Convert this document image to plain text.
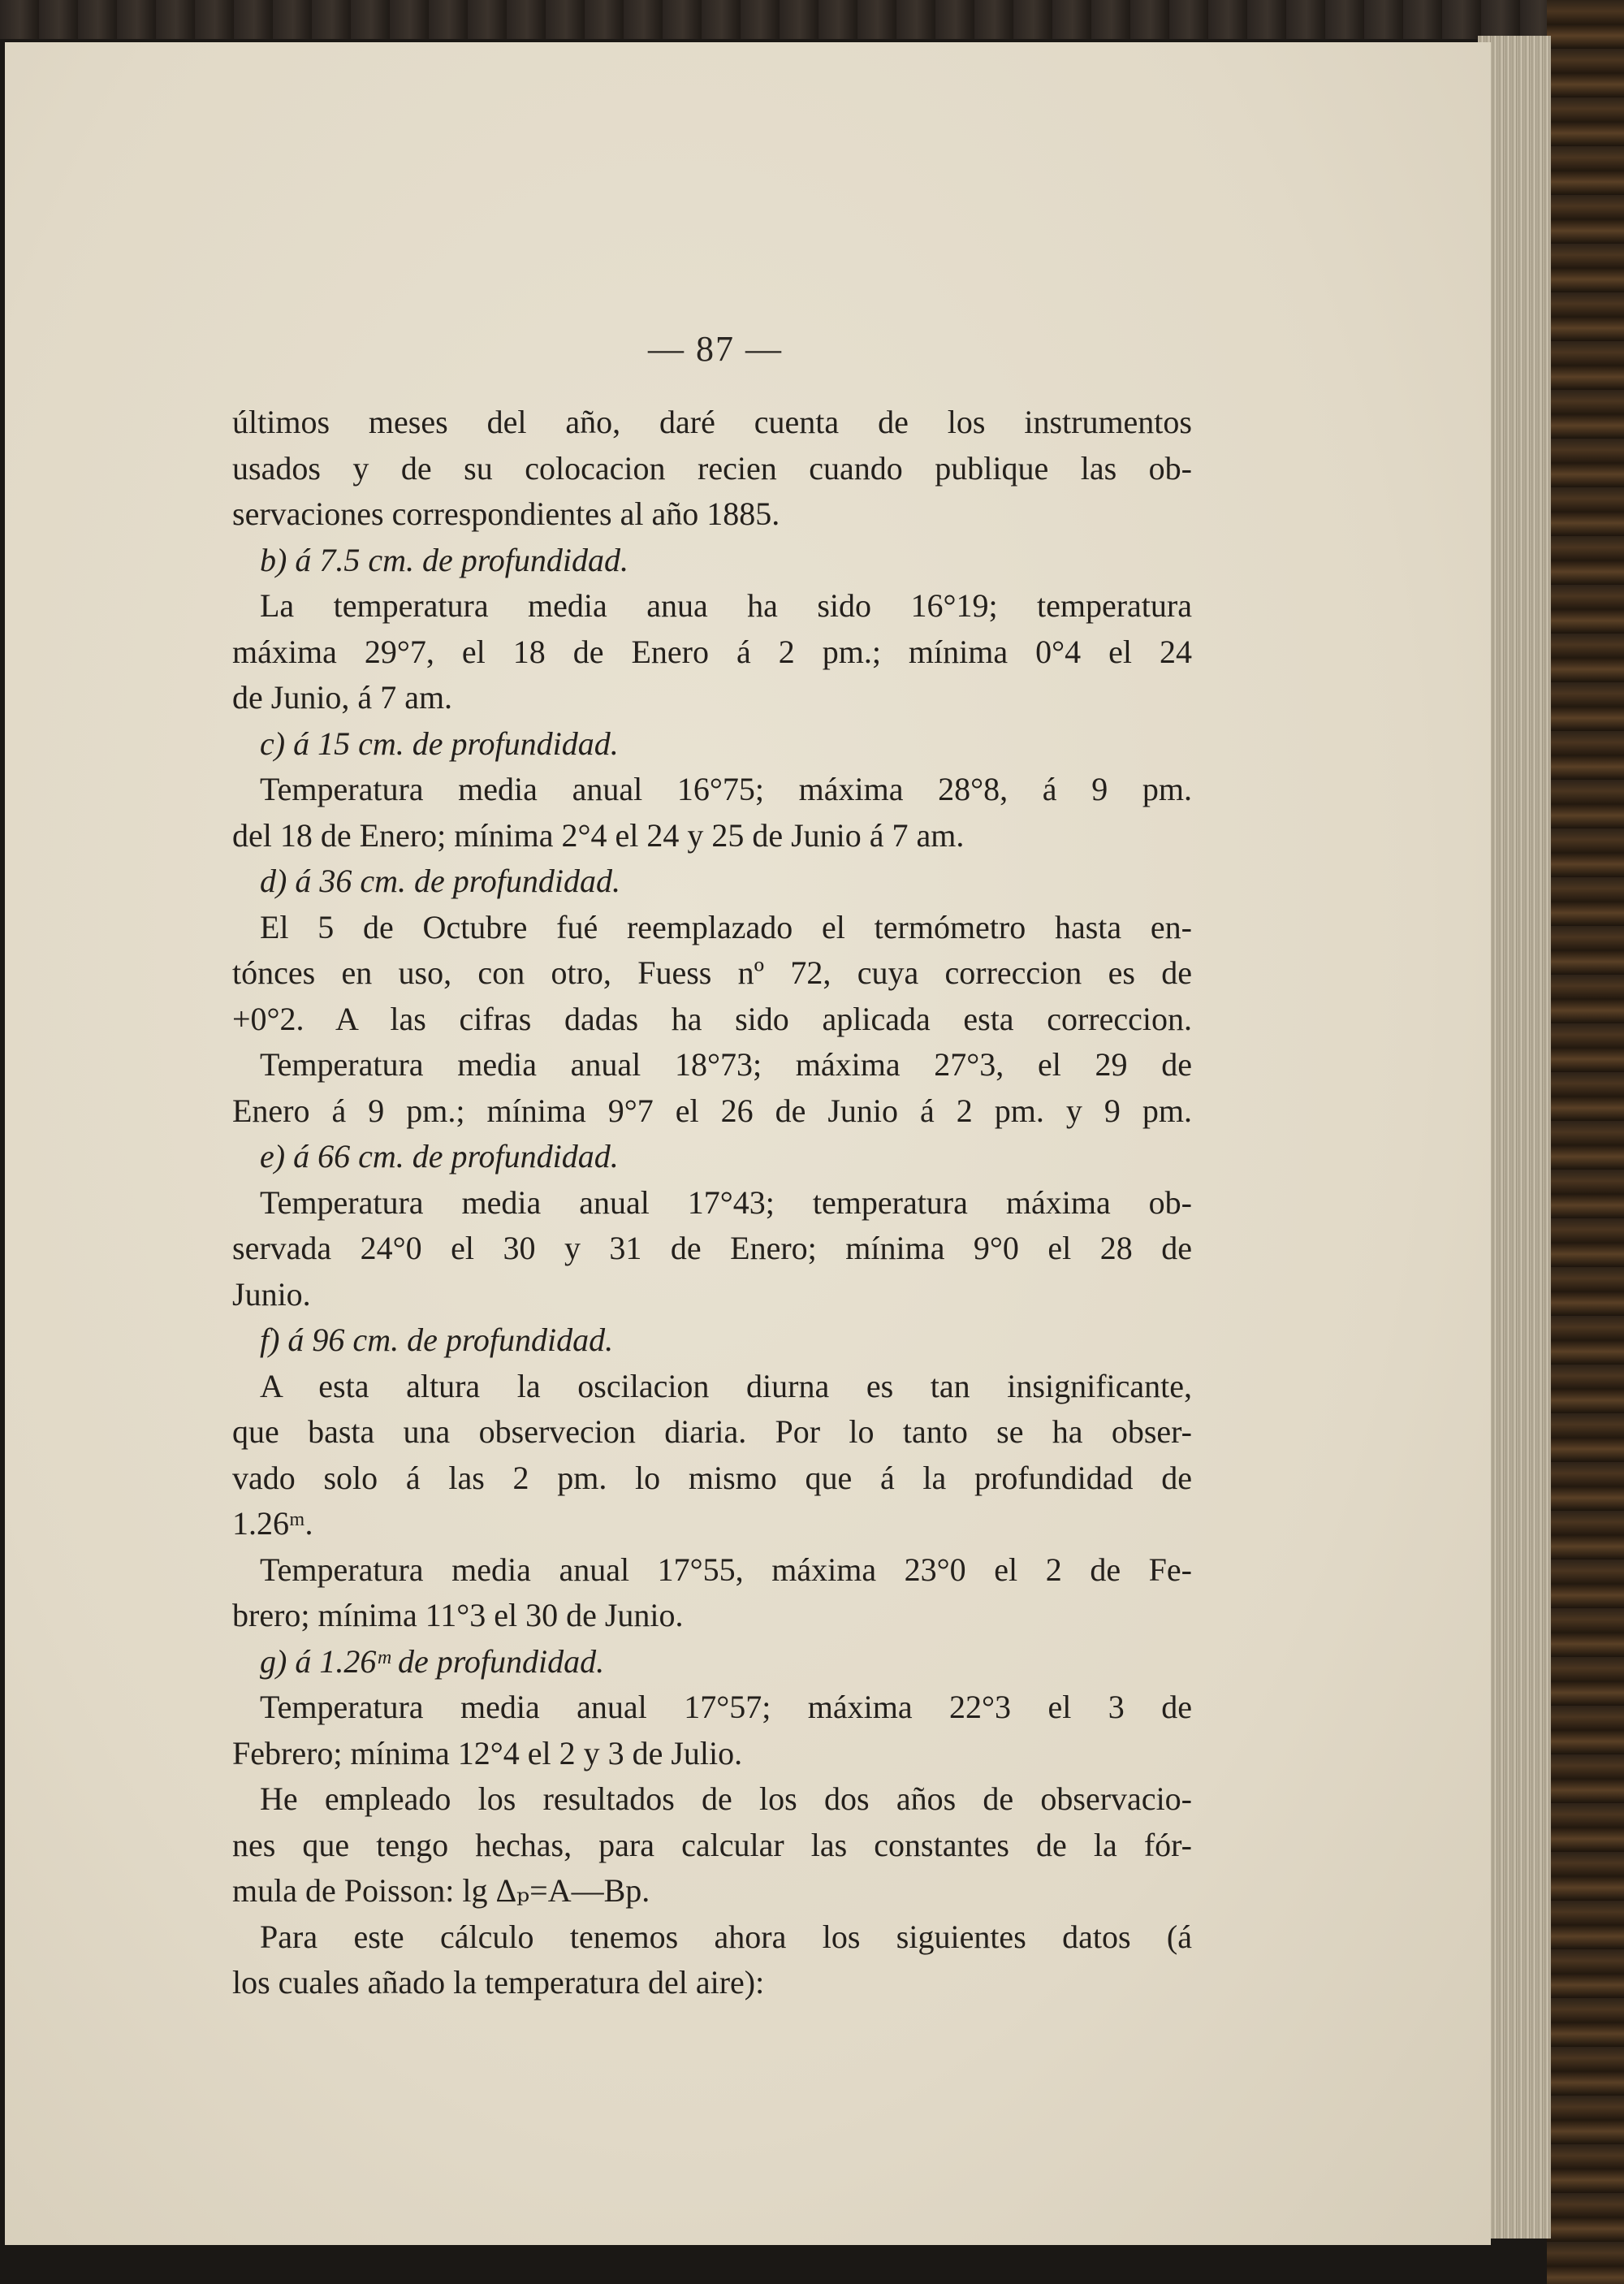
— 87 —
últimos meses del año, daré cuenta de los instrumentos
usados y de su colocacion recien cuando publique las ob-
servaciones correspondientes al año 1885.
b) á 7.5 cm. de profundidad.
La temperatura media anua ha sido 16°19; temperatura
máxima 29°7, el 18 de Enero á 2 pm.; mínima 0°4 el 24
de Junio, á 7 am.
c) á 15 cm. de profundidad.
Temperatura media anual 16°75; máxima 28°8, á 9 pm.
del 18 de Enero; mínima 2°4 el 24 y 25 de Junio á 7 am.
d) á 36 cm. de profundidad.
El 5 de Octubre fué reemplazado el termómetro hasta en-
tónces en uso, con otro, Fuess nº 72, cuya correccion es de
+0°2. A las cifras dadas ha sido aplicada esta correccion.
Temperatura media anual 18°73; máxima 27°3, el 29 de
Enero á 9 pm.; mínima 9°7 el 26 de Junio á 2 pm. y 9 pm.
e) á 66 cm. de profundidad.
Temperatura media anual 17°43; temperatura máxima ob-
servada 24°0 el 30 y 31 de Enero; mínima 9°0 el 28 de
Junio.
f) á 96 cm. de profundidad.
A esta altura la oscilacion diurna es tan insignificante,
que basta una observecion diaria. Por lo tanto se ha obser-
vado solo á las 2 pm. lo mismo que á la profundidad de
1.26ᵐ.
Temperatura media anual 17°55, máxima 23°0 el 2 de Fe-
brero; mínima 11°3 el 30 de Junio.
g) á 1.26ᵐ de profundidad.
Temperatura media anual 17°57; máxima 22°3 el 3 de
Febrero; mínima 12°4 el 2 y 3 de Julio.
He empleado los resultados de los dos años de observacio-
nes que tengo hechas, para calcular las constantes de la fór-
mula de Poisson: lg Δₚ=A—Bp.
Para este cálculo tenemos ahora los siguientes datos (á
los cuales añado la temperatura del aire):
